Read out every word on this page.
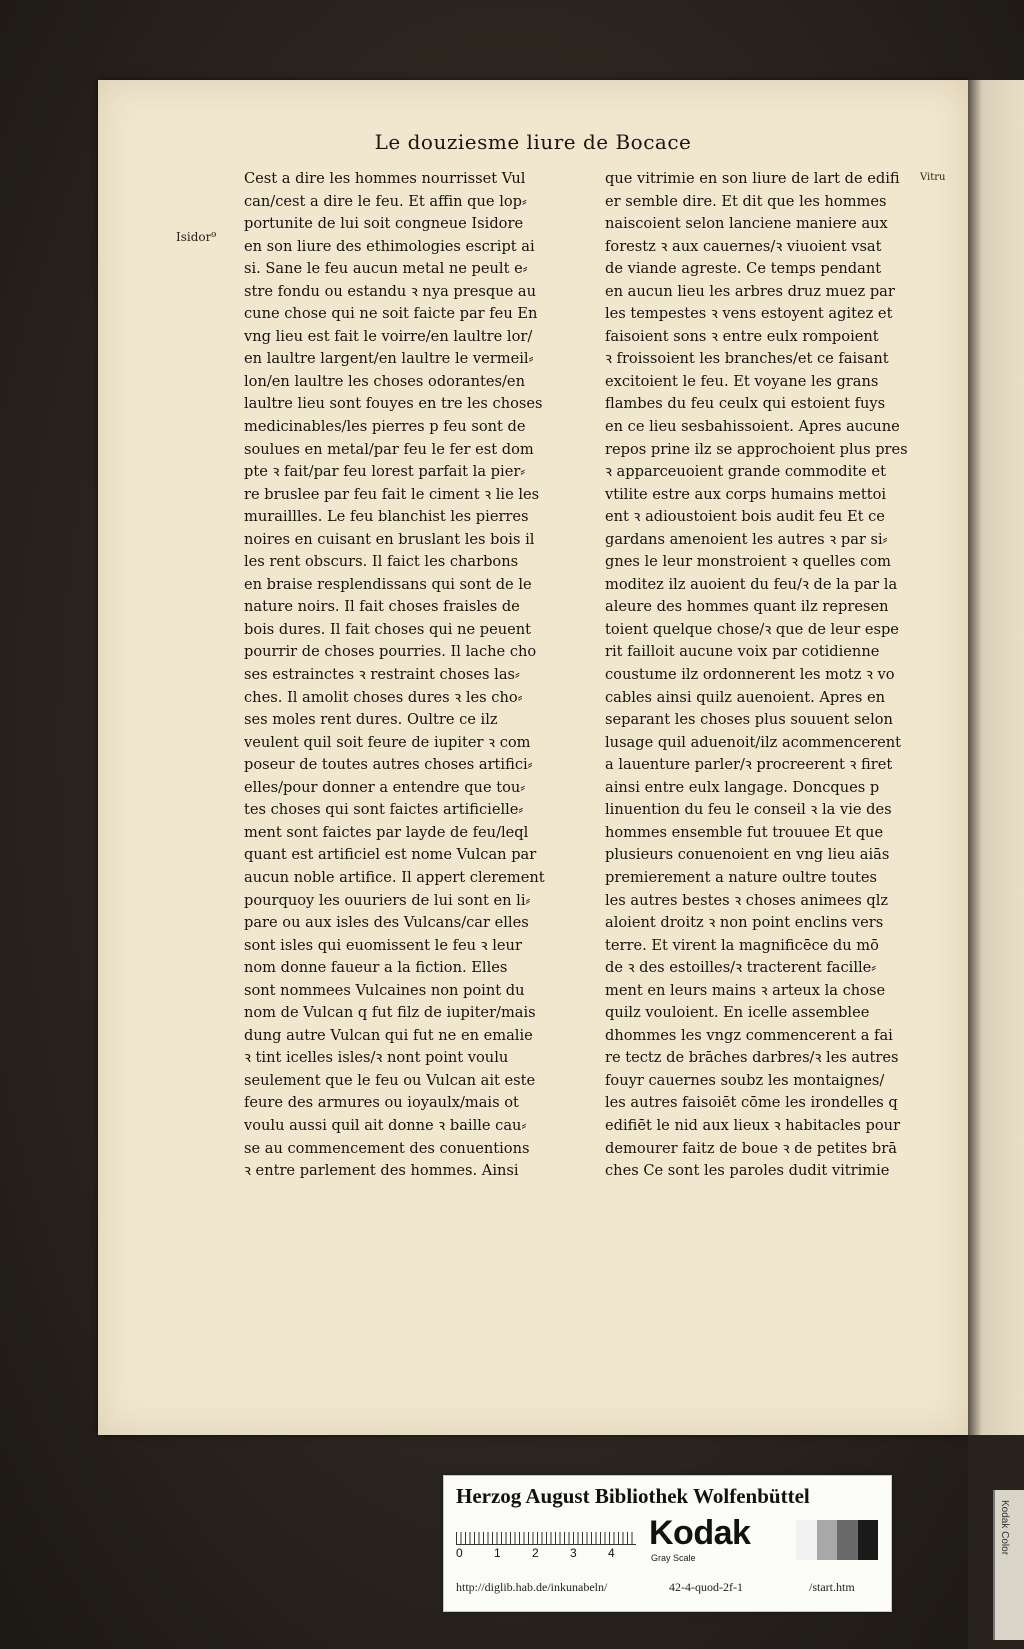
Le douziesme liure de Bocace
Isidor⁹
Vitru
Cest a dire les hommes nourrisset Vul
can/cest a dire le feu. Et affin que lop⸗
portunite de lui soit congneue Isidore
en son liure des ethimologies escript ai
si. Sane le feu aucun metal ne peult e⸗
stre fondu ou estandu ꝛ nya presque au
cune chose qui ne soit faicte par feu En
vng lieu est fait le voirre/en laultre lor/
en laultre largent/en laultre le vermeil⸗
lon/en laultre les choses odorantes/en
laultre lieu sont fouyes en tre les choses
medicinables/les pierres p feu sont de
soulues en metal/par feu le fer est dom
pte ꝛ fait/par feu lorest parfait la pier⸗
re bruslee par feu fait le ciment ꝛ lie les
muraillles. Le feu blanchist les pierres
noires en cuisant en bruslant les bois il
les rent obscurs. Il faict les charbons
en braise resplendissans qui sont de le
nature noirs. Il fait choses fraisles de
bois dures. Il fait choses qui ne peuent
pourrir de choses pourries. Il lache cho
ses estrainctes ꝛ restraint choses las⸗
ches. Il amolit choses dures ꝛ les cho⸗
ses moles rent dures. Oultre ce ilz
veulent quil soit feure de iupiter ꝛ com
poseur de toutes autres choses artifici⸗
elles/pour donner a entendre que tou⸗
tes choses qui sont faictes artificielle⸗
ment sont faictes par layde de feu/leql
quant est artificiel est nome Vulcan par
aucun noble artifice. Il appert clerement
pourquoy les ouuriers de lui sont en li⸗
pare ou aux isles des Vulcans/car elles
sont isles qui euomissent le feu ꝛ leur
nom donne faueur a la fiction. Elles
sont nommees Vulcaines non point du
nom de Vulcan q fut filz de iupiter/mais
dung autre Vulcan qui fut ne en emalie
ꝛ tint icelles isles/ꝛ nont point voulu
seulement que le feu ou Vulcan ait este
feure des armures ou ioyaulx/mais ot
voulu aussi quil ait donne ꝛ baille cau⸗
se au commencement des conuentions
ꝛ entre parlement des hommes. Ainsi
que vitrimie en son liure de lart de edifi
er semble dire. Et dit que les hommes
naiscoient selon lanciene maniere aux
forestz ꝛ aux cauernes/ꝛ viuoient vsat
de viande agreste. Ce temps pendant
en aucun lieu les arbres druz muez par
les tempestes ꝛ vens estoyent agitez et
faisoient sons ꝛ entre eulx rompoient
ꝛ froissoient les branches/et ce faisant
excitoient le feu. Et voyane les grans
flambes du feu ceulx qui estoient fuys
en ce lieu sesbahissoient. Apres aucune
repos prine ilz se approchoient plus pres
ꝛ apparceuoient grande commodite et
vtilite estre aux corps humains mettoi
ent ꝛ adioustoient bois audit feu Et ce
gardans amenoient les autres ꝛ par si⸗
gnes le leur monstroient ꝛ quelles com
moditez ilz auoient du feu/ꝛ de la par la
aleure des hommes quant ilz represen
toient quelque chose/ꝛ que de leur espe
rit failloit aucune voix par cotidienne
coustume ilz ordonnerent les motz ꝛ vo
cables ainsi quilz auenoient. Apres en
separant les choses plus souuent selon
lusage quil aduenoit/ilz acommencerent
a lauenture parler/ꝛ procreerent ꝛ firet
ainsi entre eulx langage. Doncques p
linuention du feu le conseil ꝛ la vie des
hommes ensemble fut trouuee Et que
plusieurs conuenoient en vng lieu aiās
premierement a nature oultre toutes
les autres bestes ꝛ choses animees qlz
aloient droitz ꝛ non point enclins vers
terre. Et virent la magnificēce du mō
de ꝛ des estoilles/ꝛ tracterent facille⸗
ment en leurs mains ꝛ arteux la chose
quilz vouloient. En icelle assemblee
dhommes les vngz commencerent a fai
re tectz de brāches darbres/ꝛ les autres
fouyr cauernes soubz les montaignes/
les autres faisoiēt cōme les irondelles q
edifiēt le nid aux lieux ꝛ habitacles pour
demourer faitz de boue ꝛ de petites brā
ches Ce sont les paroles dudit vitrimie
Kodak Color
Herzog August Bibliothek Wolfenbüttel
0	1	2	3	4
Kodak
Gray Scale
http://diglib.hab.de/inkunabeln/	42-4-quod-2f-1	/start.htm
